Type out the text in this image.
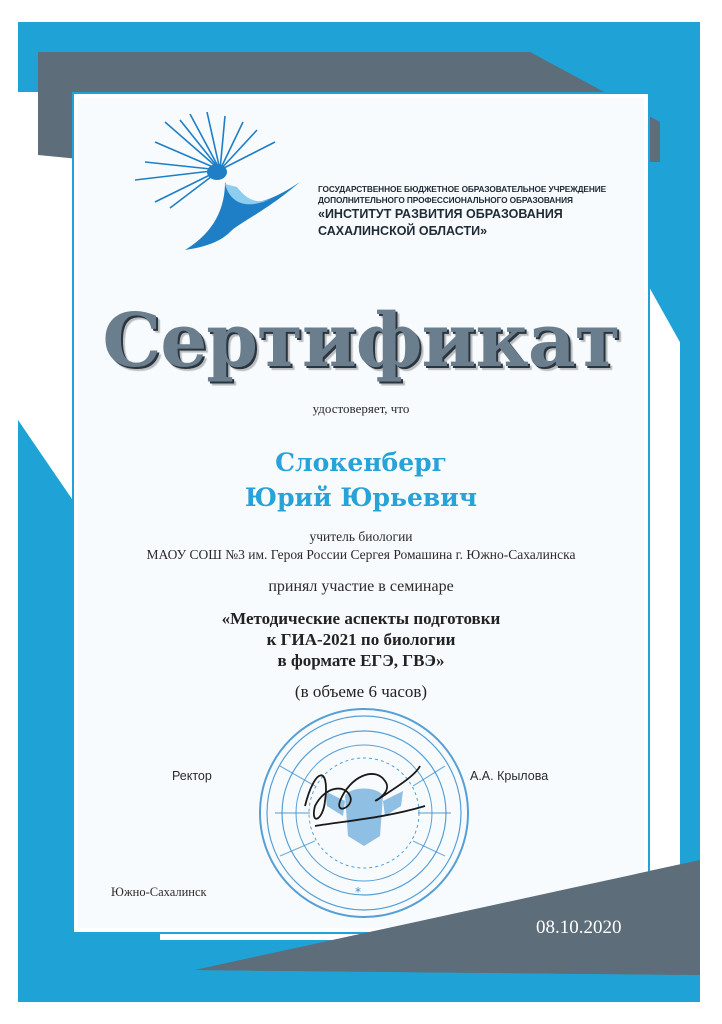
ГОСУДАРСТВЕННОЕ БЮДЖЕТНОЕ ОБРАЗОВАТЕЛЬНОЕ УЧРЕЖДЕНИЕ
ДОПОЛНИТЕЛЬНОГО ПРОФЕССИОНАЛЬНОГО ОБРАЗОВАНИЯ
«ИНСТИТУТ РАЗВИТИЯ ОБРАЗОВАНИЯ
САХАЛИНСКОЙ ОБЛАСТИ»
Сертификат
удостоверяет, что
Слокенберг
Юрий Юрьевич
учитель биологии
МАОУ СОШ №3 им. Героя России Сергея Ромашина г. Южно-Сахалинска
принял участие в семинаре
«Методические аспекты подготовки
к ГИА-2021 по биологии
в формате ЕГЭ, ГВЭ»
(в объеме 6 часов)
*
Ректор	А.А. Крылова
Южно-Сахалинск
08.10.2020
